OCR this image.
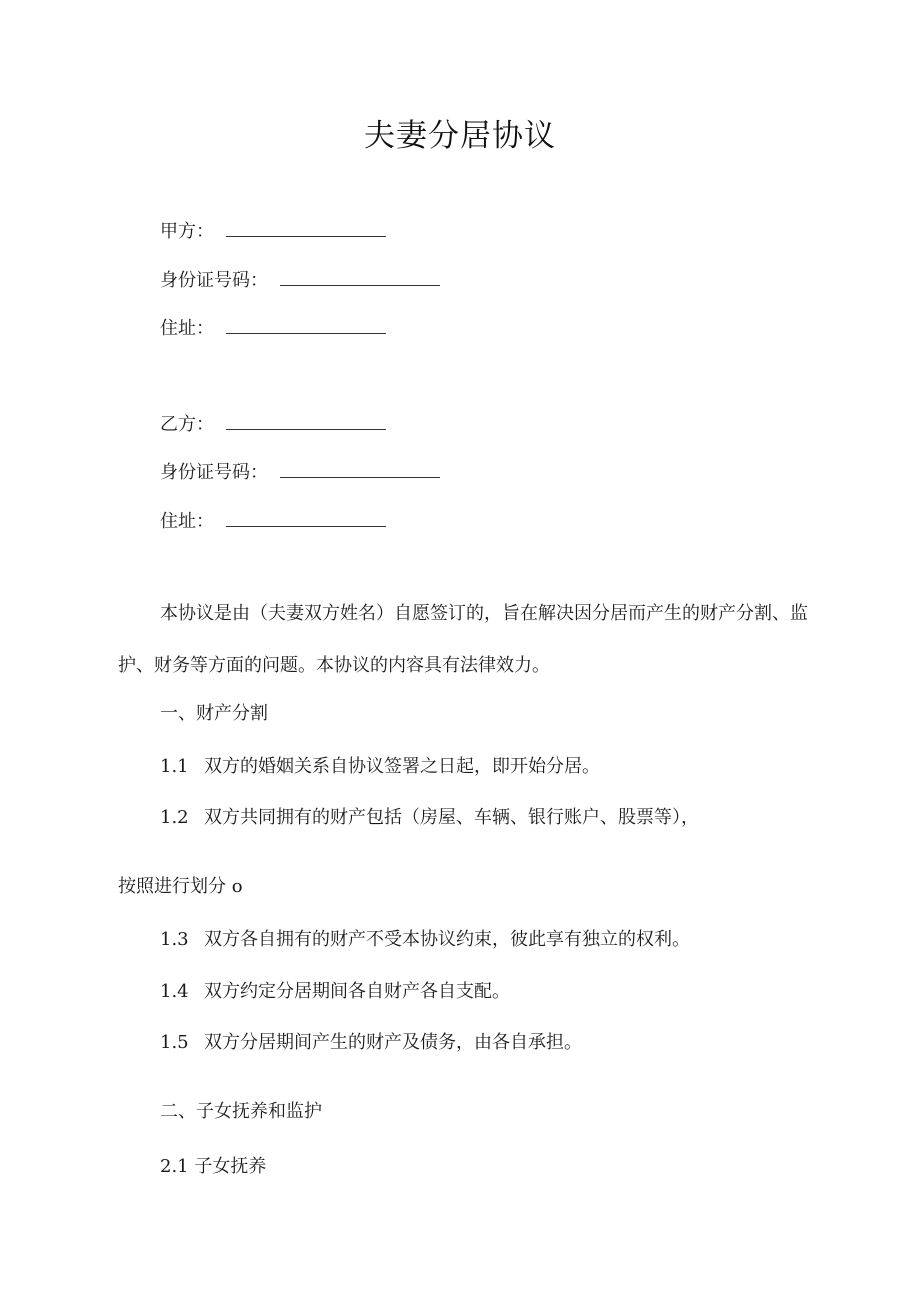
夫妻分居协议
甲方：
身份证号码：
住址：
乙方：
身份证号码：
住址：
本协议是由（夫妻双方姓名）自愿签订的，旨在解决因分居而产生的财产分割、监护、财务等方面的问题。本协议的内容具有法律效力。
一、财产分割
1.1 双方的婚姻关系自协议签署之日起，即开始分居。
1.2 双方共同拥有的财产包括（房屋、车辆、银行账户、股票等），
按照进行划分 o
1.3 双方各自拥有的财产不受本协议约束，彼此享有独立的权利。
1.4 双方约定分居期间各自财产各自支配。
1.5 双方分居期间产生的财产及债务，由各自承担。
二、子女抚养和监护
2.1 子女抚养
